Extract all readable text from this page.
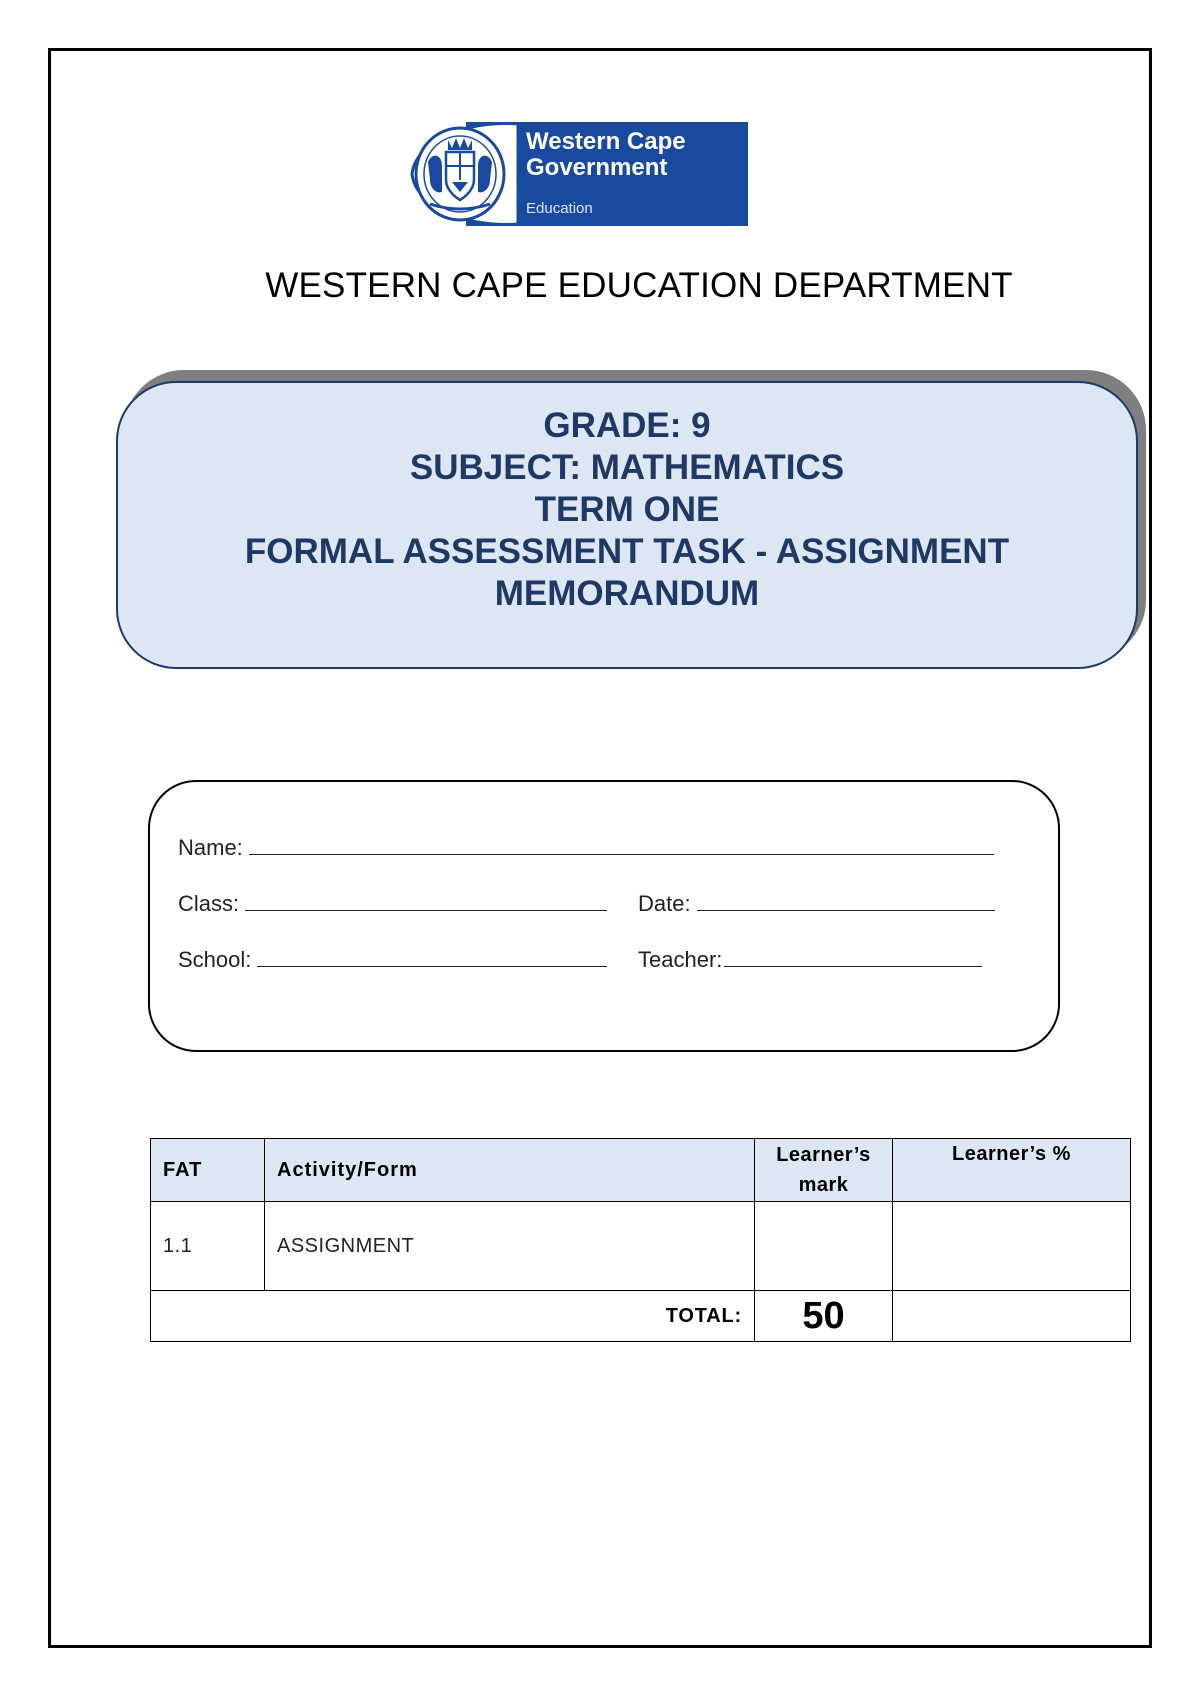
Western Cape
Government
Education
WESTERN CAPE EDUCATION DEPARTMENT
GRADE: 9
SUBJECT: MATHEMATICS
TERM ONE
FORMAL ASSESSMENT TASK - ASSIGNMENT
MEMORANDUM
Name:
Class:	Date:
School:	Teacher:
FAT	Activity/Form	Learner’s mark	Learner’s %
1.1	ASSIGNMENT		
TOTAL:		50	
